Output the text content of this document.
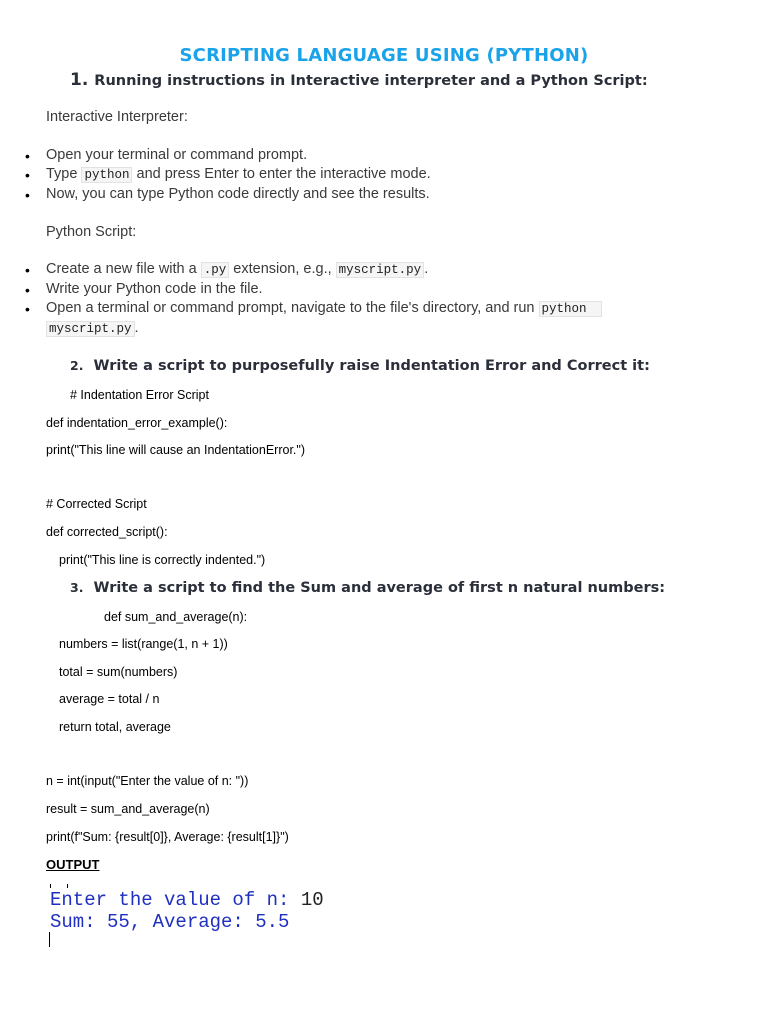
SCRIPTING LANGUAGE USING (PYTHON)
1. Running instructions in Interactive interpreter and a Python Script:
Interactive Interpreter:
• Open your terminal or command prompt.
• Type python and press Enter to enter the interactive mode.
• Now, you can type Python code directly and see the results.
Python Script:
• Create a new file with a .py extension, e.g., myscript.py .
• Write your Python code in the file.
• Open a terminal or command prompt, navigate to the file's directory, and run python
myscript.py .
2. Write a script to purposefully raise Indentation Error and Correct it:
# Indentation Error Script
def indentation_error_example():
print("This line will cause an IndentationError.")
# Corrected Script
def corrected_script():
print("This line is correctly indented.")
3. Write a script to find the Sum and average of first n natural numbers:
def sum_and_average(n):
numbers = list(range(1, n + 1))
total = sum(numbers)
average = total / n
return total, average
n = int(input("Enter the value of n: "))
result = sum_and_average(n)
print(f"Sum: {result[0]}, Average: {result[1]}")
OUTPUT
Enter the value of n: 10
Sum: 55, Average: 5.5
